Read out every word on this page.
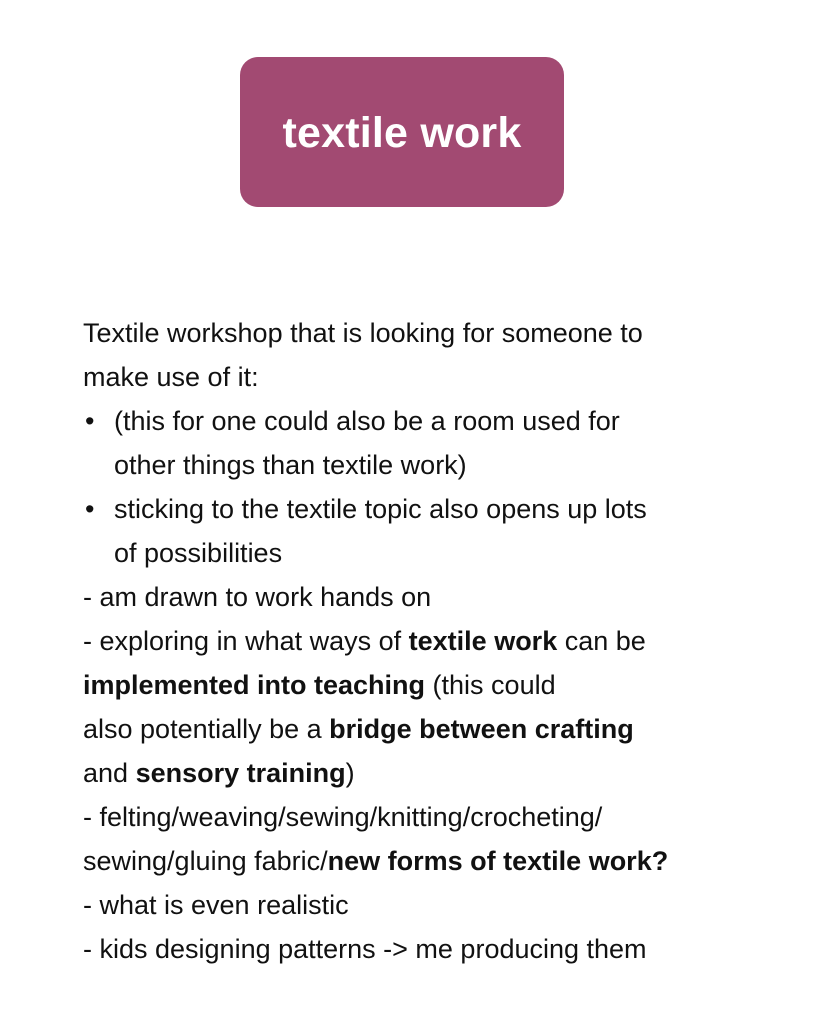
textile work
Textile workshop that is looking for someone to
make use of it:
• (this for one could also be a room used for
other things than textile work)
• sticking to the textile topic also opens up lots
of possibilities
- am drawn to work hands on
- exploring in what ways of textile work can be
implemented into teaching (this could
also potentially be a bridge between crafting
and sensory training)
- felting/weaving/sewing/knitting/crocheting/
sewing/gluing fabric/new forms of textile work?
- what is even realistic
- kids designing patterns -> me producing them
